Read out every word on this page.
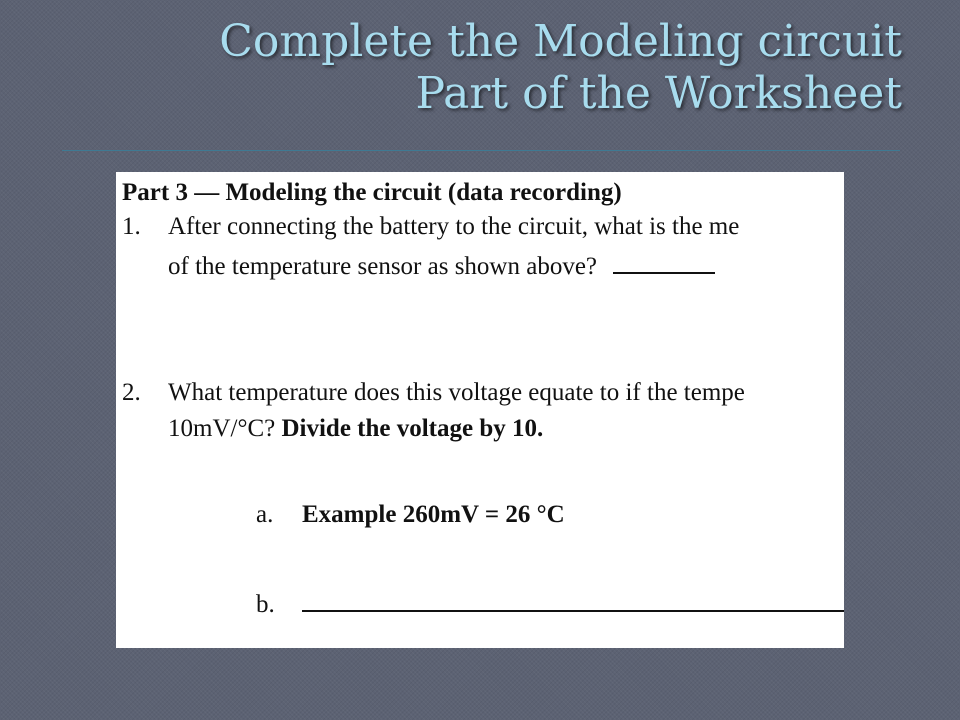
Complete the Modeling circuit
Part of the Worksheet
Part 3 — Modeling the circuit (data recording)
1. After connecting the battery to the circuit, what is the me
of the temperature sensor as shown above?
2. What temperature does this voltage equate to if the tempe
10mV/°C? Divide the voltage by 10.
a. Example 260mV = 26 °C
b.
